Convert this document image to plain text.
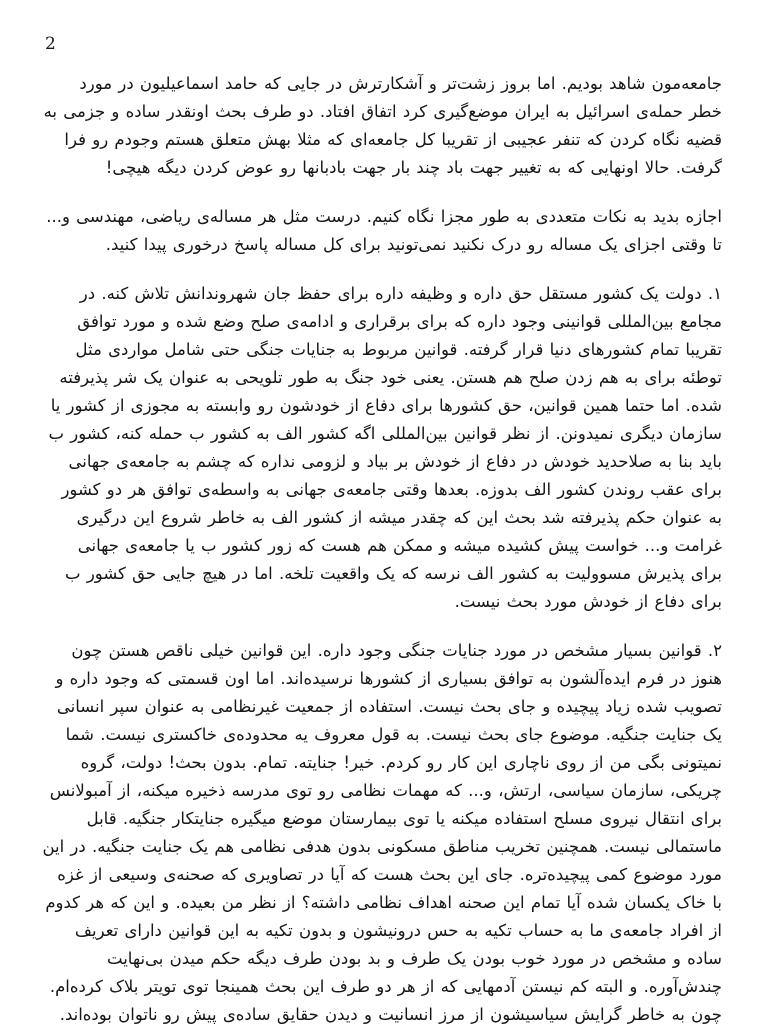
2

جامعه‌مون شاهد بودیم. اما بروز زشت‌تر و آشکارترش در جایی که حامد اسماعیلیون در مورد خطر حمله‌ی اسرائیل به ایران موضع‌گیری کرد اتفاق افتاد. دو طرف بحث اونقدر ساده و جزمی به قضیه نگاه کردن که تنفر عجیبی از تقریبا کل جامعه‌ای که مثلا بهش متعلق هستم وجودم رو فرا گرفت. حالا اونهایی که به تغییر جهت باد چند بار جهت بادبانها رو عوض کردن دیگه هیچی!

اجازه بدید به نکات متعددی به طور مجزا نگاه کنیم. درست مثل هر مساله‌ی ریاضی، مهندسی و... تا وقتی اجزای یک مساله رو درک نکنید نمی‌تونید برای کل مساله پاسخ درخوری پیدا کنید.

۱. دولت یک کشور مستقل حق داره و وظیفه داره برای حفظ جان شهروندانش تلاش کنه. در مجامع بین‌المللی قوانینی وجود داره که برای برقراری و ادامه‌ی صلح وضع شده و مورد توافق تقریبا تمام کشورهای دنیا قرار گرفته. قوانین مربوط به جنایات جنگی حتی شامل مواردی مثل توطئه برای به هم زدن صلح هم هستن. یعنی خود جنگ به طور تلویحی به عنوان یک شر پذیرفته شده. اما حتما همین قوانین، حق کشورها برای دفاع از خودشون رو وابسته به مجوزی از کشور یا سازمان دیگری نمیدونن. از نظر قوانین بین‌المللی اگه کشور الف به کشور ب حمله کنه، کشور ب باید بنا به صلاحدید خودش در دفاع از خودش بر بیاد و لزومی نداره که چشم به جامعه‌ی جهانی برای عقب روندن کشور الف بدوزه. بعدها وقتی جامعه‌ی جهانی به واسطه‌ی توافق هر دو کشور به عنوان حکم پذیرفته شد بحث این که چقدر میشه از کشور الف به خاطر شروع این درگیری غرامت و... خواست پیش کشیده میشه و ممکن هم هست که زور کشور ب یا جامعه‌ی جهانی برای پذیرش مسوولیت به کشور الف نرسه که یک واقعیت تلخه. اما در هیچ جایی حق کشور ب برای دفاع از خودش مورد بحث نیست.

۲. قوانین بسیار مشخص در مورد جنایات جنگی وجود داره. این قوانین خیلی ناقص هستن چون هنوز در فرم ایده‌آلشون به توافق بسیاری از کشورها نرسیده‌اند. اما اون قسمتی که وجود داره و تصویب شده زیاد پیچیده و جای بحث نیست. استفاده از جمعیت غیرنظامی به عنوان سپر انسانی یک جنایت جنگیه. موضوع جای بحث نیست. به قول معروف یه محدوده‌ی خاکستری نیست. شما نمیتونی بگی من از روی ناچاری این کار رو کردم. خیر! جنایته. تمام. بدون بحث! دولت، گروه چریکی، سازمان سیاسی، ارتش، و... که مهمات نظامی رو توی مدرسه ذخیره میکنه، از آمبولانس برای انتقال نیروی مسلح استفاده میکنه یا توی بیمارستان موضع میگیره جنایتکار جنگیه. قابل ماستمالی نیست. همچنین تخریب مناطق مسکونی بدون هدفی نظامی هم یک جنایت جنگیه. در این مورد موضوع کمی پیچیده‌تره. جای این بحث هست که آیا در تصاویری که صحنه‌ی وسیعی از غزه با خاک یکسان شده آیا تمام این صحنه اهداف نظامی داشته؟ از نظر من بعیده. و این که هر کدوم از افراد جامعه‌ی ما به حساب تکیه به حس درونیشون و بدون تکیه به این قوانین دارای تعریف ساده و مشخص در مورد خوب بودن یک طرف و بد بودن طرف دیگه حکم میدن بی‌نهایت چندش‌آوره. و البته کم نیستن آدمهایی که از هر دو طرف این بحث همینجا توی تویتر بلاک کرده‌ام. چون به خاطر گرایش سیاسیشون از مرز انسانیت و دیدن حقایق ساده‌ی پیش رو ناتوان بوده‌اند.
